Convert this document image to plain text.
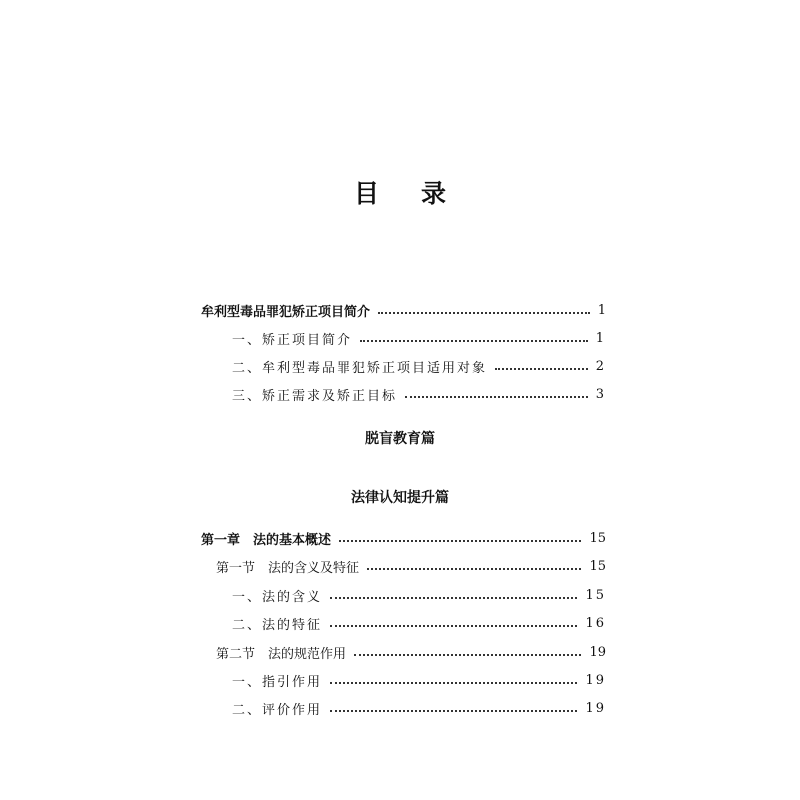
目 录
牟利型毒品罪犯矫正项目简介	1
一、矫正项目简介	1
二、牟利型毒品罪犯矫正项目适用对象	2
三、矫正需求及矫正目标	3
脱盲教育篇
法律认知提升篇
第一章　法的基本概述	15
第一节　法的含义及特征	15
一、法的含义	15
二、法的特征	16
第二节　法的规范作用	19
一、指引作用	19
二、评价作用	19
